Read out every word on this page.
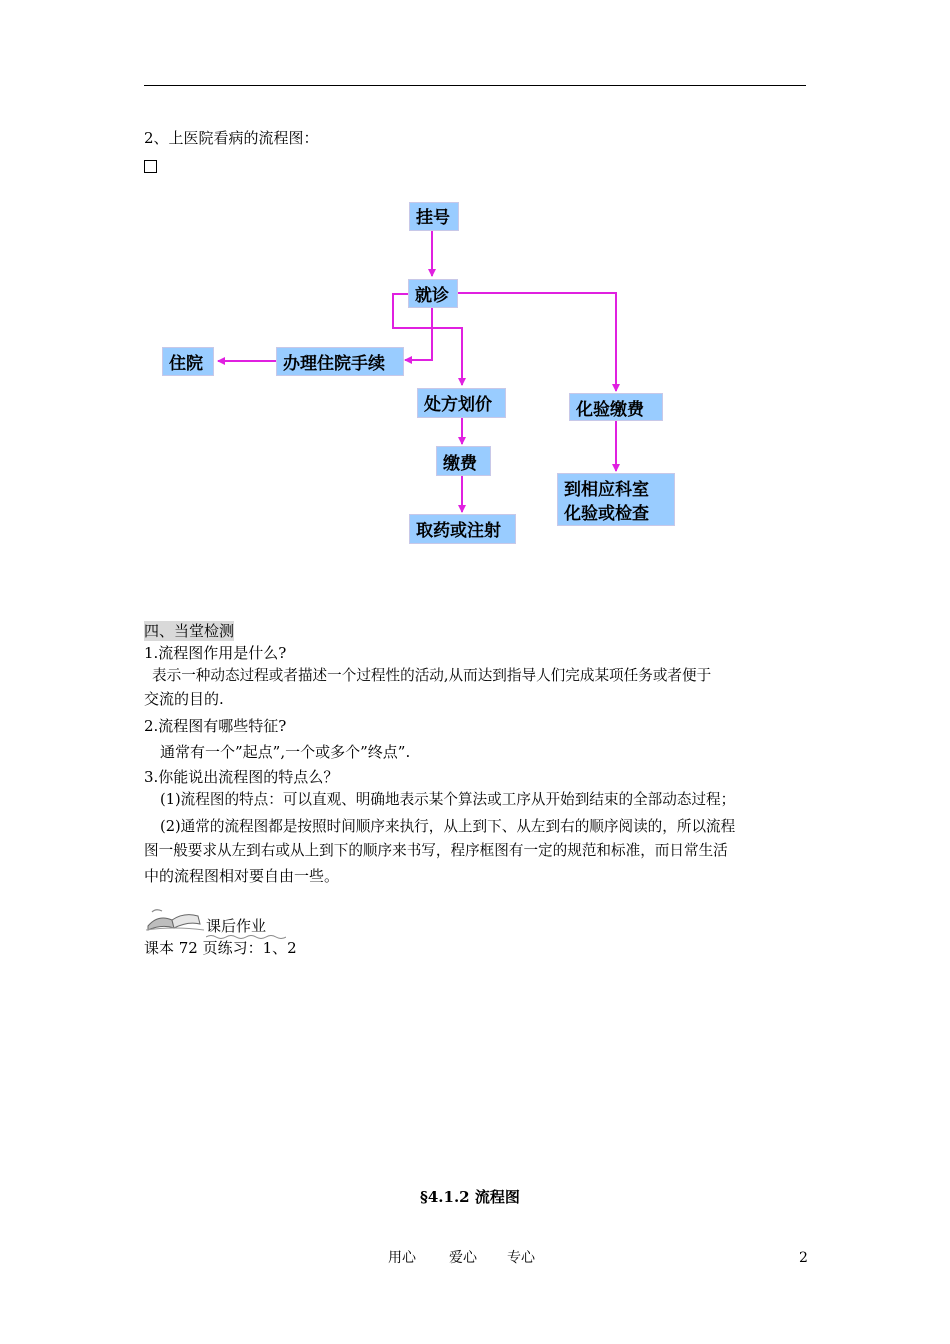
2、上医院看病的流程图：
挂号
就诊
办理住院手续
住院
处方划价
缴费
取药或注射
化验缴费
到相应科室
化验或检查
四、当堂检测
1.流程图作用是什么?
表示一种动态过程或者描述一个过程性的活动,从而达到指导人们完成某项任务或者便于
交流的目的.
2.流程图有哪些特征?
通常有一个”起点”,一个或多个”终点”.
3.你能说出流程图的特点么？
(1)流程图的特点：可以直观、明确地表示某个算法或工序从开始到结束的全部动态过程；
(2)通常的流程图都是按照时间顺序来执行，从上到下、从左到右的顺序阅读的，所以流程
图一般要求从左到右或从上到下的顺序来书写，程序框图有一定的规范和标准，而日常生活
中的流程图相对要自由一些。
课后作业
课本 72 页练习：1、2
§4.1.2 流程图
用心 爱心 专心	2
